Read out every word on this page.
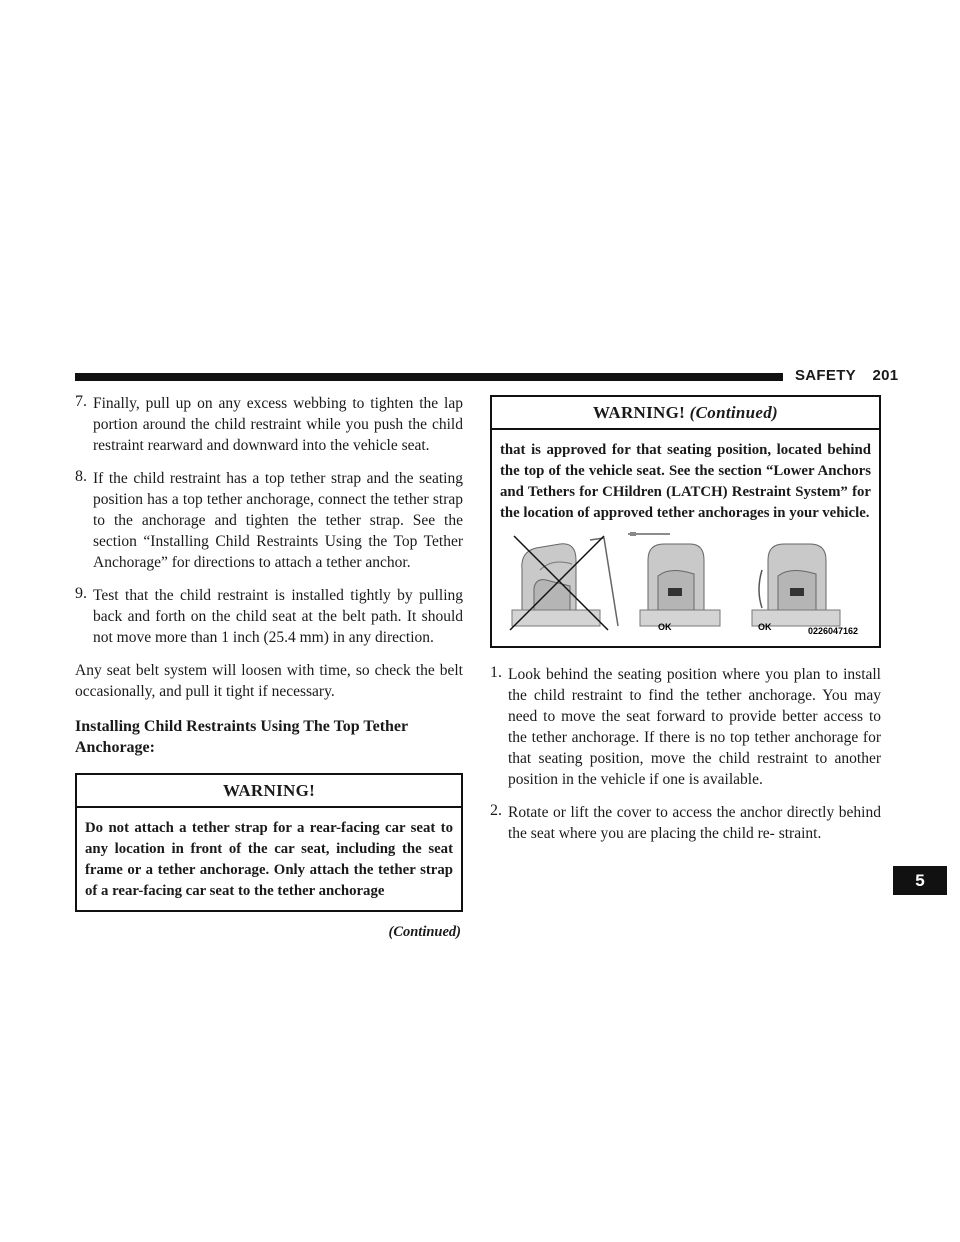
SAFETY 201
5
7. Finally, pull up on any excess webbing to tighten the lap portion around the child restraint while you push the child restraint rearward and downward into the vehicle seat.

8. If the child restraint has a top tether strap and the seating position has a top tether anchorage, connect the tether strap to the anchorage and tighten the tether strap. See the section “Installing Child Restraints Using the Top Tether Anchorage” for directions to attach a tether anchor.

9. Test that the child restraint is installed tightly by pulling back and forth on the child seat at the belt path. It should not move more than 1 inch (25.4 mm) in any direction.

Any seat belt system will loosen with time, so check the belt occasionally, and pull it tight if necessary.

Installing Child Restraints Using The Top Tether Anchorage:
WARNING!
Do not attach a tether strap for a rear-facing car seat to any location in front of the car seat, including the seat frame or a tether anchorage. Only attach the tether strap of a rear-facing car seat to the tether anchorage
(Continued)
WARNING! (Continued)
that is approved for that seating position, located behind the top of the vehicle seat. See the section “Lower Anchors and Tethers for CHildren (LATCH) Restraint System” for the location of approved tether anchorages in your vehicle.
OK	OK	0226047162
1. Look behind the seating position where you plan to install the child restraint to find the tether anchorage. You may need to move the seat forward to provide better access to the tether anchorage. If there is no top tether anchorage for that seating position, move the child restraint to another position in the vehicle if one is available.

2. Rotate or lift the cover to access the anchor directly behind the seat where you are placing the child re- straint.
